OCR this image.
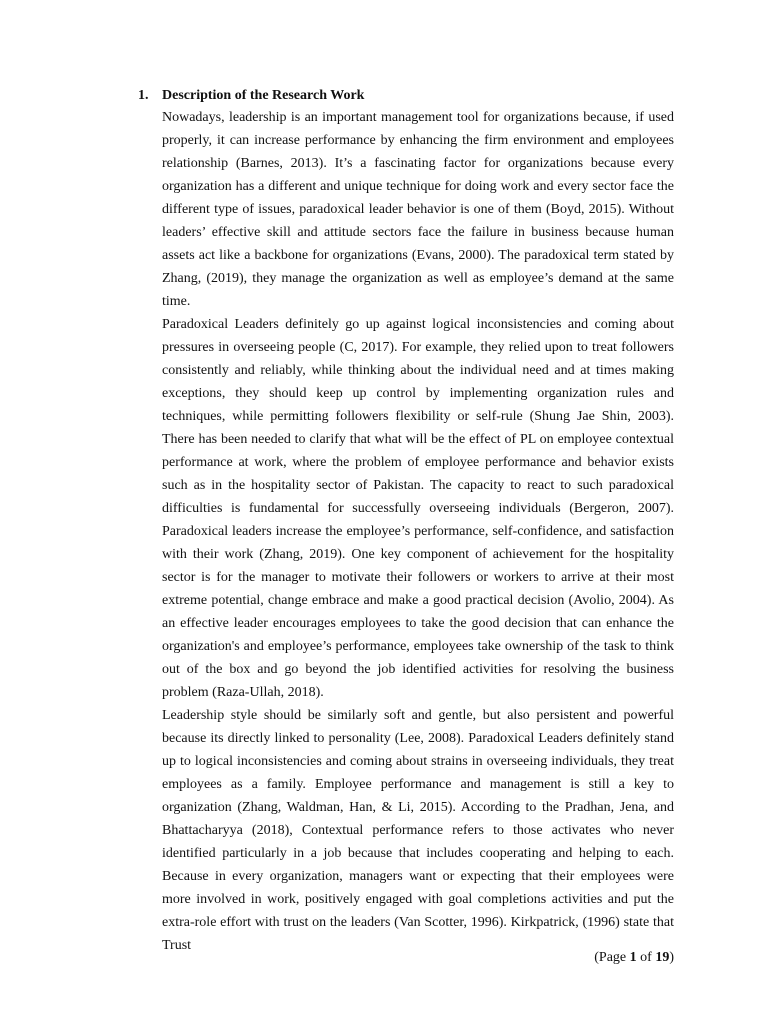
1. Description of the Research Work

Nowadays, leadership is an important management tool for organizations because, if used properly, it can increase performance by enhancing the firm environment and employees relationship (Barnes, 2013). It’s a fascinating factor for organizations because every organization has a different and unique technique for doing work and every sector face the different type of issues, paradoxical leader behavior is one of them (Boyd, 2015). Without leaders’ effective skill and attitude sectors face the failure in business because human assets act like a backbone for organizations (Evans, 2000). The paradoxical term stated by Zhang, (2019), they manage the organization as well as employee’s demand at the same time.

Paradoxical Leaders definitely go up against logical inconsistencies and coming about pressures in overseeing people (C, 2017). For example, they relied upon to treat followers consistently and reliably, while thinking about the individual need and at times making exceptions, they should keep up control by implementing organization rules and techniques, while permitting followers flexibility or self-rule (Shung Jae Shin, 2003). There has been needed to clarify that what will be the effect of PL on employee contextual performance at work, where the problem of employee performance and behavior exists such as in the hospitality sector of Pakistan. The capacity to react to such paradoxical difficulties is fundamental for successfully overseeing individuals (Bergeron, 2007). Paradoxical leaders increase the employee’s performance, self-confidence, and satisfaction with their work (Zhang, 2019). One key component of achievement for the hospitality sector is for the manager to motivate their followers or workers to arrive at their most extreme potential, change embrace and make a good practical decision (Avolio, 2004). As an effective leader encourages employees to take the good decision that can enhance the organization's and employee’s performance, employees take ownership of the task to think out of the box and go beyond the job identified activities for resolving the business problem (Raza-Ullah, 2018).

Leadership style should be similarly soft and gentle, but also persistent and powerful because its directly linked to personality (Lee, 2008). Paradoxical Leaders definitely stand up to logical inconsistencies and coming about strains in overseeing individuals, they treat employees as a family. Employee performance and management is still a key to organization (Zhang, Waldman, Han, & Li, 2015). According to the Pradhan, Jena, and Bhattacharyya (2018), Contextual performance refers to those activates who never identified particularly in a job because that includes cooperating and helping to each. Because in every organization, managers want or expecting that their employees were more involved in work, positively engaged with goal completions activities and put the extra-role effort with trust on the leaders (Van Scotter, 1996). Kirkpatrick, (1996) state that Trust

(Page 1 of 19)
